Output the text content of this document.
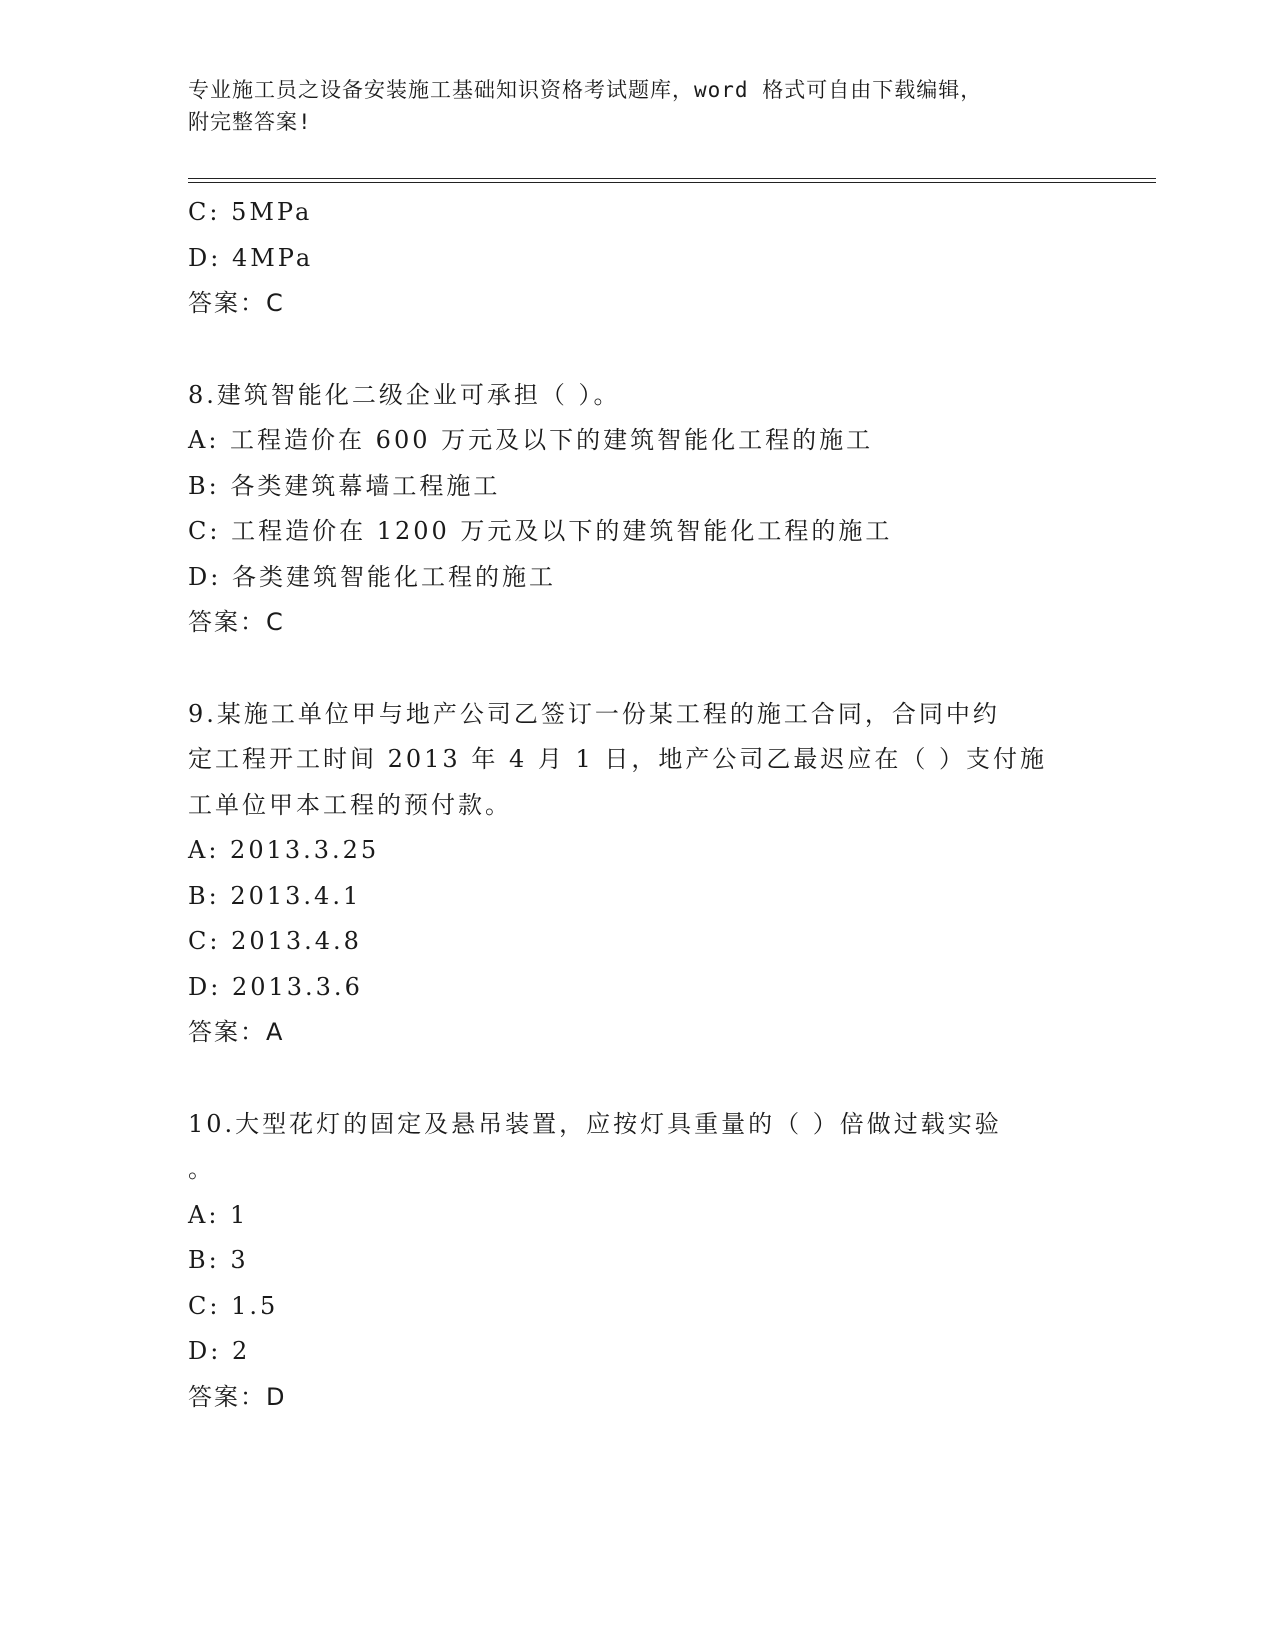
专业施工员之设备安装施工基础知识资格考试题库，word 格式可自由下载编辑，
附完整答案!
C: 5MPa
D: 4MPa
答案：C
8.建筑智能化二级企业可承担（ ）。
A: 工程造价在 600 万元及以下的建筑智能化工程的施工
B: 各类建筑幕墙工程施工
C: 工程造价在 1200 万元及以下的建筑智能化工程的施工
D: 各类建筑智能化工程的施工
答案：C
9.某施工单位甲与地产公司乙签订一份某工程的施工合同，合同中约
定工程开工时间 2013 年 4 月 1 日，地产公司乙最迟应在（ ）支付施
工单位甲本工程的预付款。
A: 2013.3.25
B: 2013.4.1
C: 2013.4.8
D: 2013.3.6
答案：A
10.大型花灯的固定及悬吊装置，应按灯具重量的（ ）倍做过载实验
。
A: 1
B: 3
C: 1.5
D: 2
答案：D
